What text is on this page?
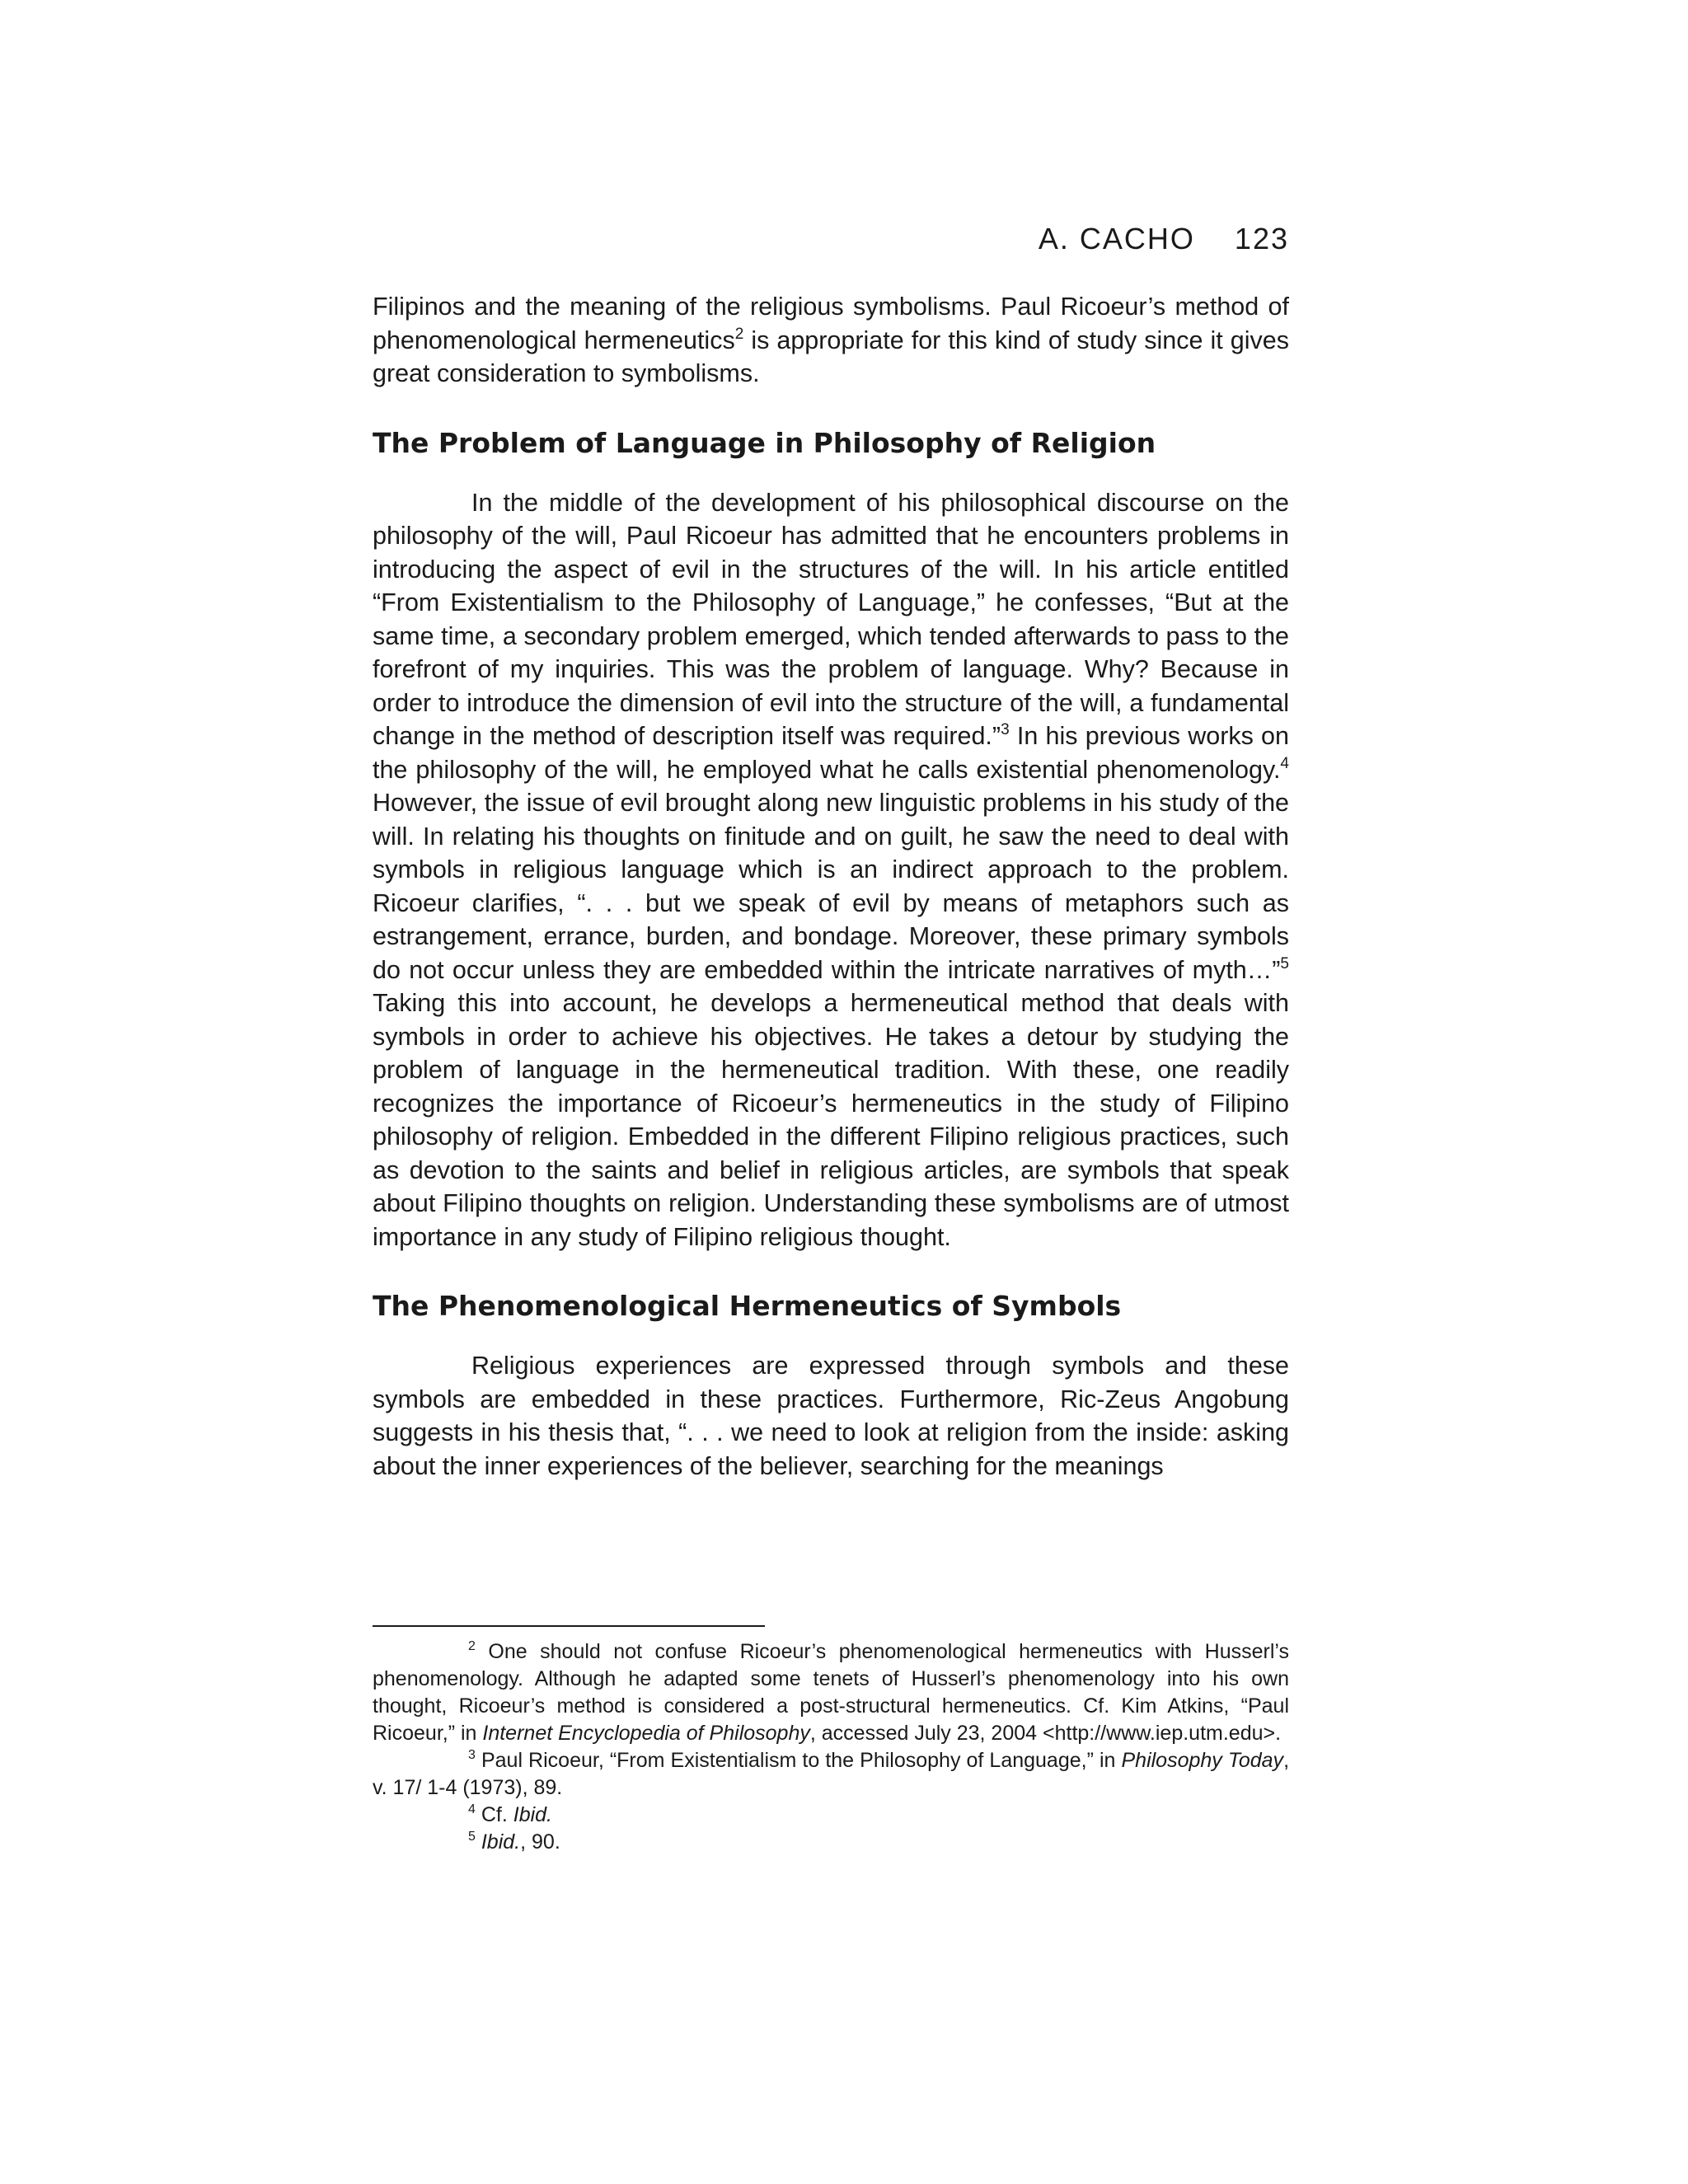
A. CACHO 123

Filipinos and the meaning of the religious symbolisms. Paul Ricoeur’s method of phenomenological hermeneutics$^2$ is appropriate for this kind of study since it gives great consideration to symbolisms.

The Problem of Language in Philosophy of Religion

In the middle of the development of his philosophical discourse on the philosophy of the will, Paul Ricoeur has admitted that he encounters problems in introducing the aspect of evil in the structures of the will. In his article entitled “From Existentialism to the Philosophy of Language,” he confesses, “But at the same time, a secondary problem emerged, which tended afterwards to pass to the forefront of my inquiries. This was the problem of language. Why? Because in order to introduce the dimension of evil into the structure of the will, a fundamental change in the method of description itself was required.”$^3$ In his previous works on the philosophy of the will, he employed what he calls existential phenomenology.$^4$ However, the issue of evil brought along new linguistic problems in his study of the will. In relating his thoughts on finitude and on guilt, he saw the need to deal with symbols in religious language which is an indirect approach to the problem. Ricoeur clarifies, “. . . but we speak of evil by means of metaphors such as estrangement, errance, burden, and bondage. Moreover, these primary symbols do not occur unless they are embedded within the intricate narratives of myth…”$^5$ Taking this into account, he develops a hermeneutical method that deals with symbols in order to achieve his objectives. He takes a detour by studying the problem of language in the hermeneutical tradition. With these, one readily recognizes the importance of Ricoeur’s hermeneutics in the study of Filipino philosophy of religion. Embedded in the different Filipino religious practices, such as devotion to the saints and belief in religious articles, are symbols that speak about Filipino thoughts on religion. Understanding these symbolisms are of utmost importance in any study of Filipino religious thought.

The Phenomenological Hermeneutics of Symbols

Religious experiences are expressed through symbols and these symbols are embedded in these practices. Furthermore, Ric-Zeus Angobung suggests in his thesis that, “. . . we need to look at religion from the inside: asking about the inner experiences of the believer, searching for the meanings

$^2$ One should not confuse Ricoeur’s phenomenological hermeneutics with Husserl’s phenomenology. Although he adapted some tenets of Husserl’s phenomenology into his own thought, Ricoeur’s method is considered a post-structural hermeneutics. Cf. Kim Atkins, “Paul Ricoeur,” in Internet Encyclopedia of Philosophy, accessed July 23, 2004 <http://www.iep.utm.edu>.

$^3$ Paul Ricoeur, “From Existentialism to the Philosophy of Language,” in Philosophy Today, v. 17/ 1-4 (1973), 89.

$^4$ Cf. Ibid.

$^5$ Ibid., 90.
